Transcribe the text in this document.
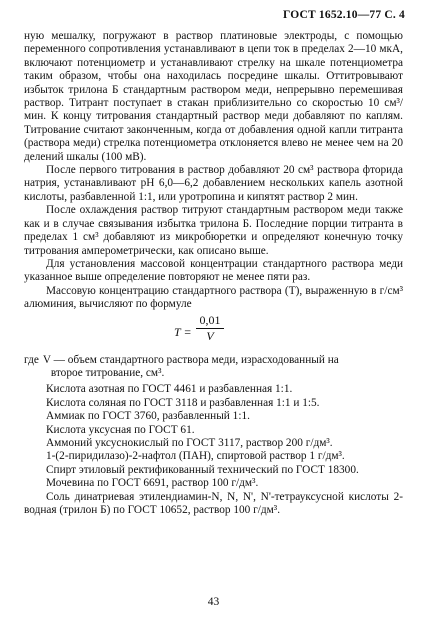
ГОСТ 1652.10—77 С. 4

ную мешалку, погружают в раствор платиновые электроды, с помощью переменного сопротивления устанавливают в цепи ток в пределах 2—10 мкА, включают потенциометр и устанавливают стрелку на шкале потенциометра таким образом, чтобы она находилась посредине шкалы. Оттитровывают избыток трилона Б стандартным раствором меди, непрерывно перемешивая раствор. Титрант поступает в стакан приблизительно со скоростью 10 см³/мин. К концу титрования стандартный раствор меди добавляют по каплям. Титрование считают законченным, когда от добавления одной капли титранта (раствора меди) стрелка потенциометра отклоняется влево не менее чем на 20 делений шкалы (100 мВ).

После первого титрования в раствор добавляют 20 см³ раствора фторида натрия, устанавливают pH 6,0—6,2 добавлением нескольких капель азотной кислоты, разбавленной 1:1, или уротропина и кипятят раствор 2 мин.

После охлаждения раствор титруют стандартным раствором меди также как и в случае связывания избытка трилона Б. Последние порции титранта в пределах 1 см³ добавляют из микробюретки и определяют конечную точку титрования амперометрически, как описано выше.

Для установления массовой концентрации стандартного раствора меди указанное выше определение повторяют не менее пяти раз.

Массовую концентрацию стандартного раствора (T), выраженную в г/см³ алюминия, вычисляют по формуле

$T = \frac{0,01}{V}$
где V — объем стандартного раствора меди, израсходованный на
второе титрование, см³.

Кислота азотная по ГОСТ 4461 и разбавленная 1:1.

Кислота соляная по ГОСТ 3118 и разбавленная 1:1 и 1:5.

Аммиак по ГОСТ 3760, разбавленный 1:1.

Кислота уксусная по ГОСТ 61.

Аммоний уксуснокислый по ГОСТ 3117, раствор 200 г/дм³.

1-(2-пиридилазо)-2-нафтол (ПАН), спиртовой раствор 1 г/дм³.

Спирт этиловый ректификованный технический по ГОСТ 18300.

Мочевина по ГОСТ 6691, раствор 100 г/дм³.

Соль динатриевая этилендиамин-N, N, N', N'-тетрауксусной кислоты 2-водная (трилон Б) по ГОСТ 10652, раствор 100 г/дм³.

43
